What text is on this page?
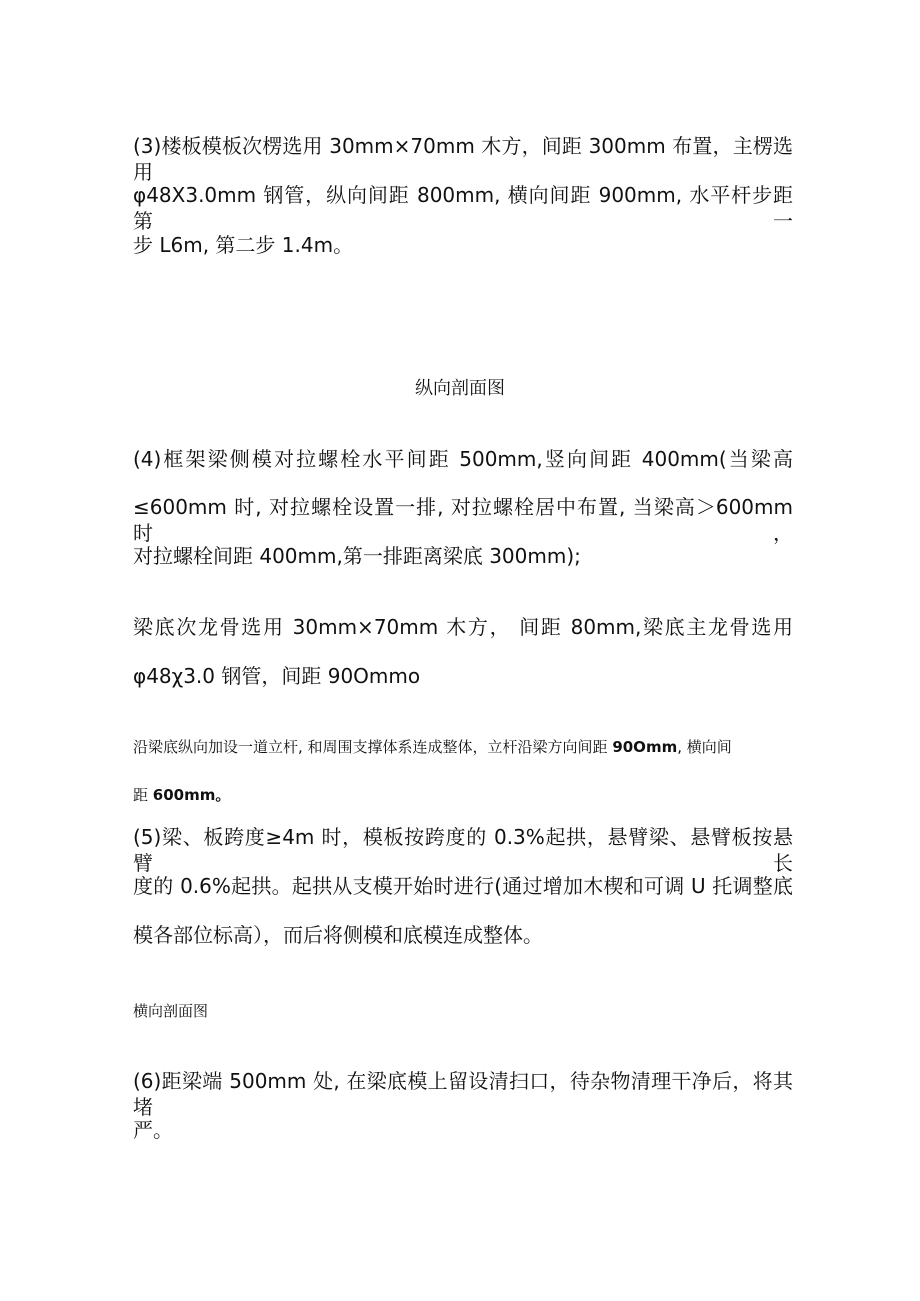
(3)楼板模板次楞选用 30mm×70mm 木方，间距 300mm 布置，主楞选用
φ48X3.0mm 钢管，纵向间距 800mm, 横向间距 900mm, 水平杆步距第一
步 L6m, 第二步 1.4m。
纵向剖面图
(4)框架梁侧模对拉螺栓水平间距 500mm,竖向间距 400mm(当梁高
≤600mm 时, 对拉螺栓设置一排, 对拉螺栓居中布置, 当梁高＞600mm 时，
对拉螺栓间距 400mm,第一排距离梁底 300mm);
梁底次龙骨选用 30mm×70mm 木方， 间距 80mm,梁底主龙骨选用
φ48χ3.0 钢管，间距 90Ommo
沿梁底纵向加设一道立杆, 和周围支撑体系连成整体，立杆沿梁方向间距 90Omm, 横向间
距 600mm。
(5)梁、板跨度≥4m 时，模板按跨度的 0.3%起拱，悬臂梁、悬臂板按悬臂长
度的 0.6%起拱。起拱从支模开始时进行(通过增加木楔和可调 U 托调整底
模各部位标高），而后将侧模和底模连成整体。
横向剖面图
(6)距梁端 500mm 处, 在梁底模上留设清扫口，待杂物清理干净后，将其堵
严。
